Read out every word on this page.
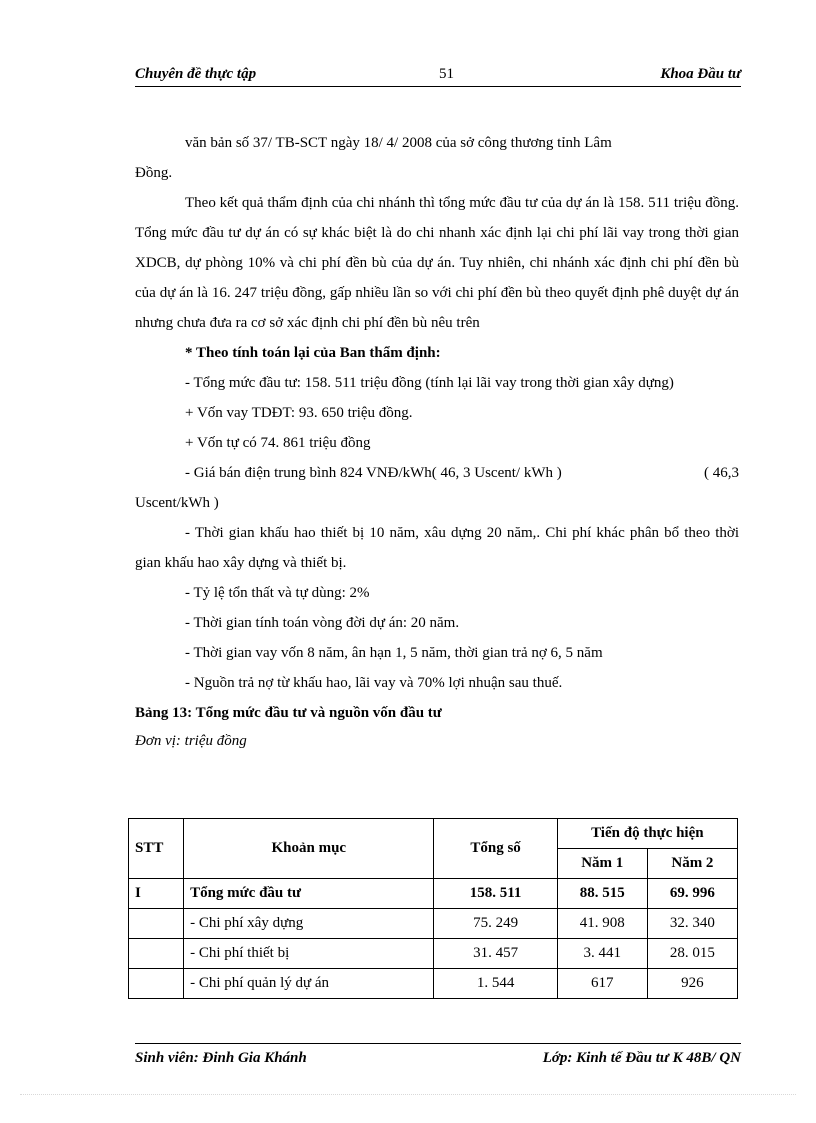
Chuyên đề thực tập	51	Khoa Đầu tư

văn bản số 37/ TB-SCT ngày 18/ 4/ 2008 của sở công thương tỉnh Lâm

Đồng.

Theo kết quả thẩm định của chi nhánh thì tổng mức đầu tư của dự án là 158. 511 triệu đồng. Tổng mức đầu tư dự án có sự khác biệt là do chi nhanh xác định lại chi phí lãi vay trong thời gian XDCB, dự phòng 10% và chi phí đền bù của dự án. Tuy nhiên, chi nhánh xác định chi phí đền bù của dự án là 16. 247 triệu đồng, gấp nhiều lần so với chi phí đền bù theo quyết định phê duyệt dự án nhưng chưa đưa ra cơ sở xác định chi phí đền bù nêu trên

* Theo tính toán lại của Ban thẩm định:

- Tổng mức đầu tư: 158. 511 triệu đồng (tính lại lãi vay trong thời gian xây dựng)

+ Vốn vay TDĐT: 93. 650 triệu đồng.

+ Vốn tự có 74. 861 triệu đồng

- Giá bán điện trung bình 824 VNĐ/kWh( 46, 3 Uscent/ kWh )	( 46,3

Uscent/kWh )

- Thời gian khấu hao thiết bị 10 năm, xâu dựng 20 năm,. Chi phí khác phân bổ theo thời gian khấu hao xây dựng và thiết bị.

- Tỷ lệ tổn thất và tự dùng: 2%

- Thời gian tính toán vòng đời dự án: 20 năm.

- Thời gian vay vốn 8 năm, ân hạn 1, 5 năm, thời gian trả nợ 6, 5 năm

- Nguồn trả nợ từ khấu hao, lãi vay và 70% lợi nhuận sau thuế.

Bảng 13: Tổng mức đầu tư và nguồn vốn đầu tư

Đơn vị: triệu đồng

STT	Khoản mục	Tổng số	Tiến độ thực hiện	
			Năm 1	Năm 2
I	Tổng mức đầu tư	158. 511	88. 515	69. 996
	- Chi phí xây dựng	75. 249	41. 908	32. 340
	- Chi phí thiết bị	31. 457	3. 441	28. 015
	- Chi phí quản lý dự án	1. 544	617	926
Sinh viên: Đinh Gia Khánh	Lớp: Kinh tế Đầu tư K 48B/ QN
